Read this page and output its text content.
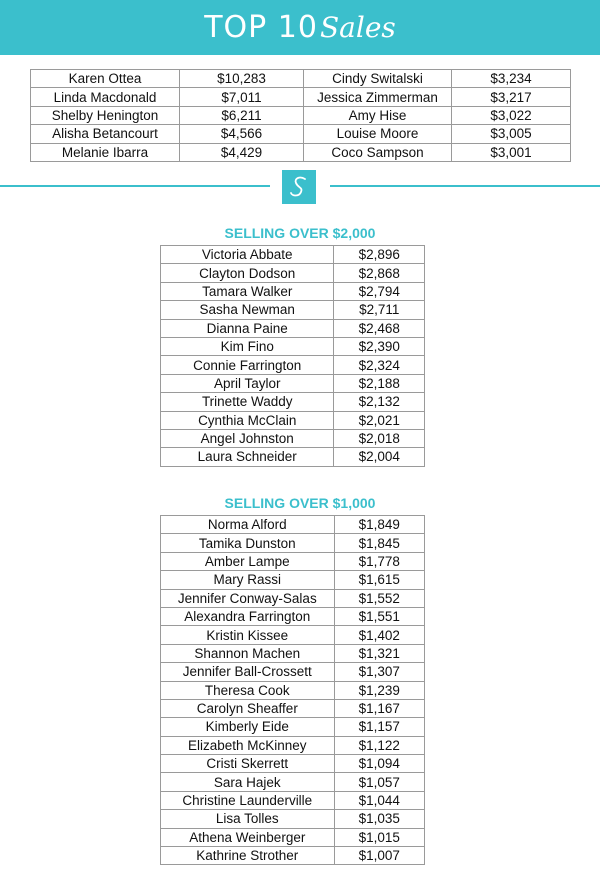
TOP 10 Sales
Karen Ottea	$10,283	Cindy Switalski	$3,234
Linda Macdonald	$7,011	Jessica Zimmerman	$3,217
Shelby Henington	$6,211	Amy Hise	$3,022
Alisha Betancourt	$4,566	Louise Moore	$3,005
Melanie Ibarra	$4,429	Coco Sampson	$3,001
SELLING OVER $2,000
Victoria Abbate	$2,896
Clayton Dodson	$2,868
Tamara Walker	$2,794
Sasha Newman	$2,711
Dianna Paine	$2,468
Kim Fino	$2,390
Connie Farrington	$2,324
April Taylor	$2,188
Trinette Waddy	$2,132
Cynthia McClain	$2,021
Angel Johnston	$2,018
Laura Schneider	$2,004
SELLING OVER $1,000
Norma Alford	$1,849
Tamika Dunston	$1,845
Amber Lampe	$1,778
Mary Rassi	$1,615
Jennifer Conway-Salas	$1,552
Alexandra Farrington	$1,551
Kristin Kissee	$1,402
Shannon Machen	$1,321
Jennifer Ball-Crossett	$1,307
Theresa Cook	$1,239
Carolyn Sheaffer	$1,167
Kimberly Eide	$1,157
Elizabeth McKinney	$1,122
Cristi Skerrett	$1,094
Sara Hajek	$1,057
Christine Launderville	$1,044
Lisa Tolles	$1,035
Athena Weinberger	$1,015
Kathrine Strother	$1,007
